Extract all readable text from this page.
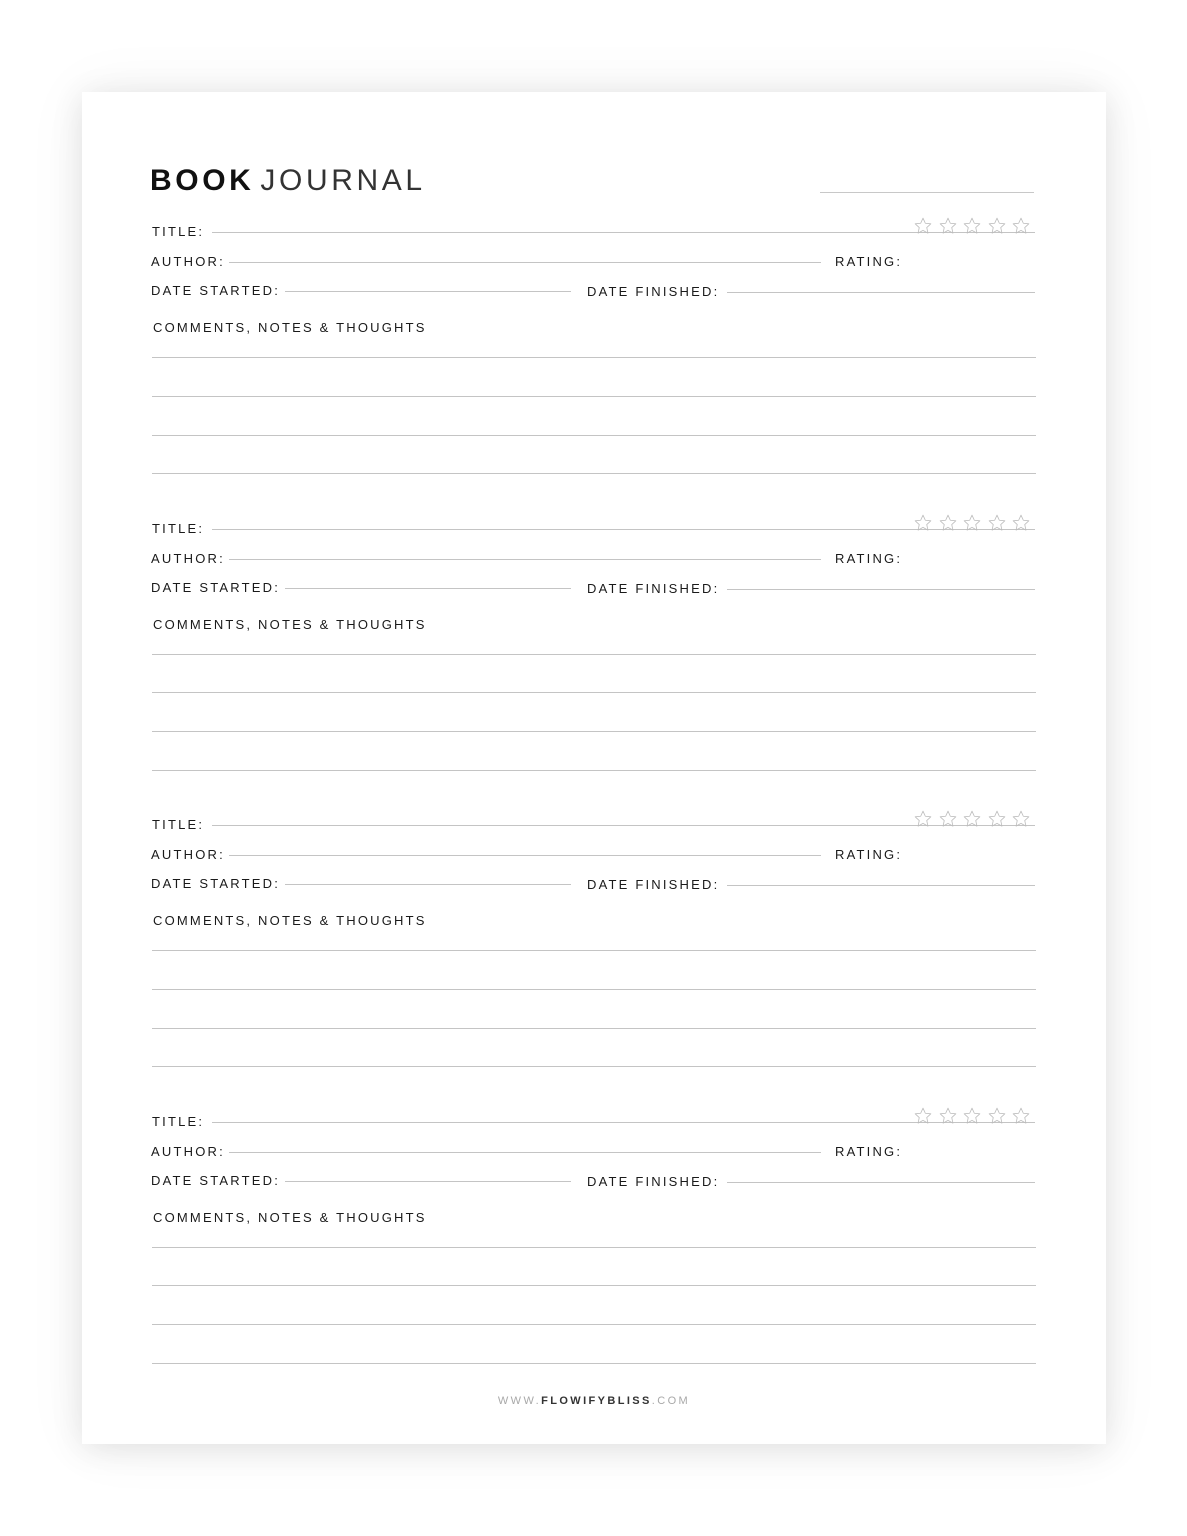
BOOK JOURNAL
TITLE:
AUTHOR:	RATING:
DATE STARTED:	DATE FINISHED:
COMMENTS, NOTES & THOUGHTS
TITLE:
AUTHOR:	RATING:
DATE STARTED:	DATE FINISHED:
COMMENTS, NOTES & THOUGHTS
TITLE:
AUTHOR:	RATING:
DATE STARTED:	DATE FINISHED:
COMMENTS, NOTES & THOUGHTS
TITLE:
AUTHOR:	RATING:
DATE STARTED:	DATE FINISHED:
COMMENTS, NOTES & THOUGHTS
WWW.FLOWIFYBLISS.COM
